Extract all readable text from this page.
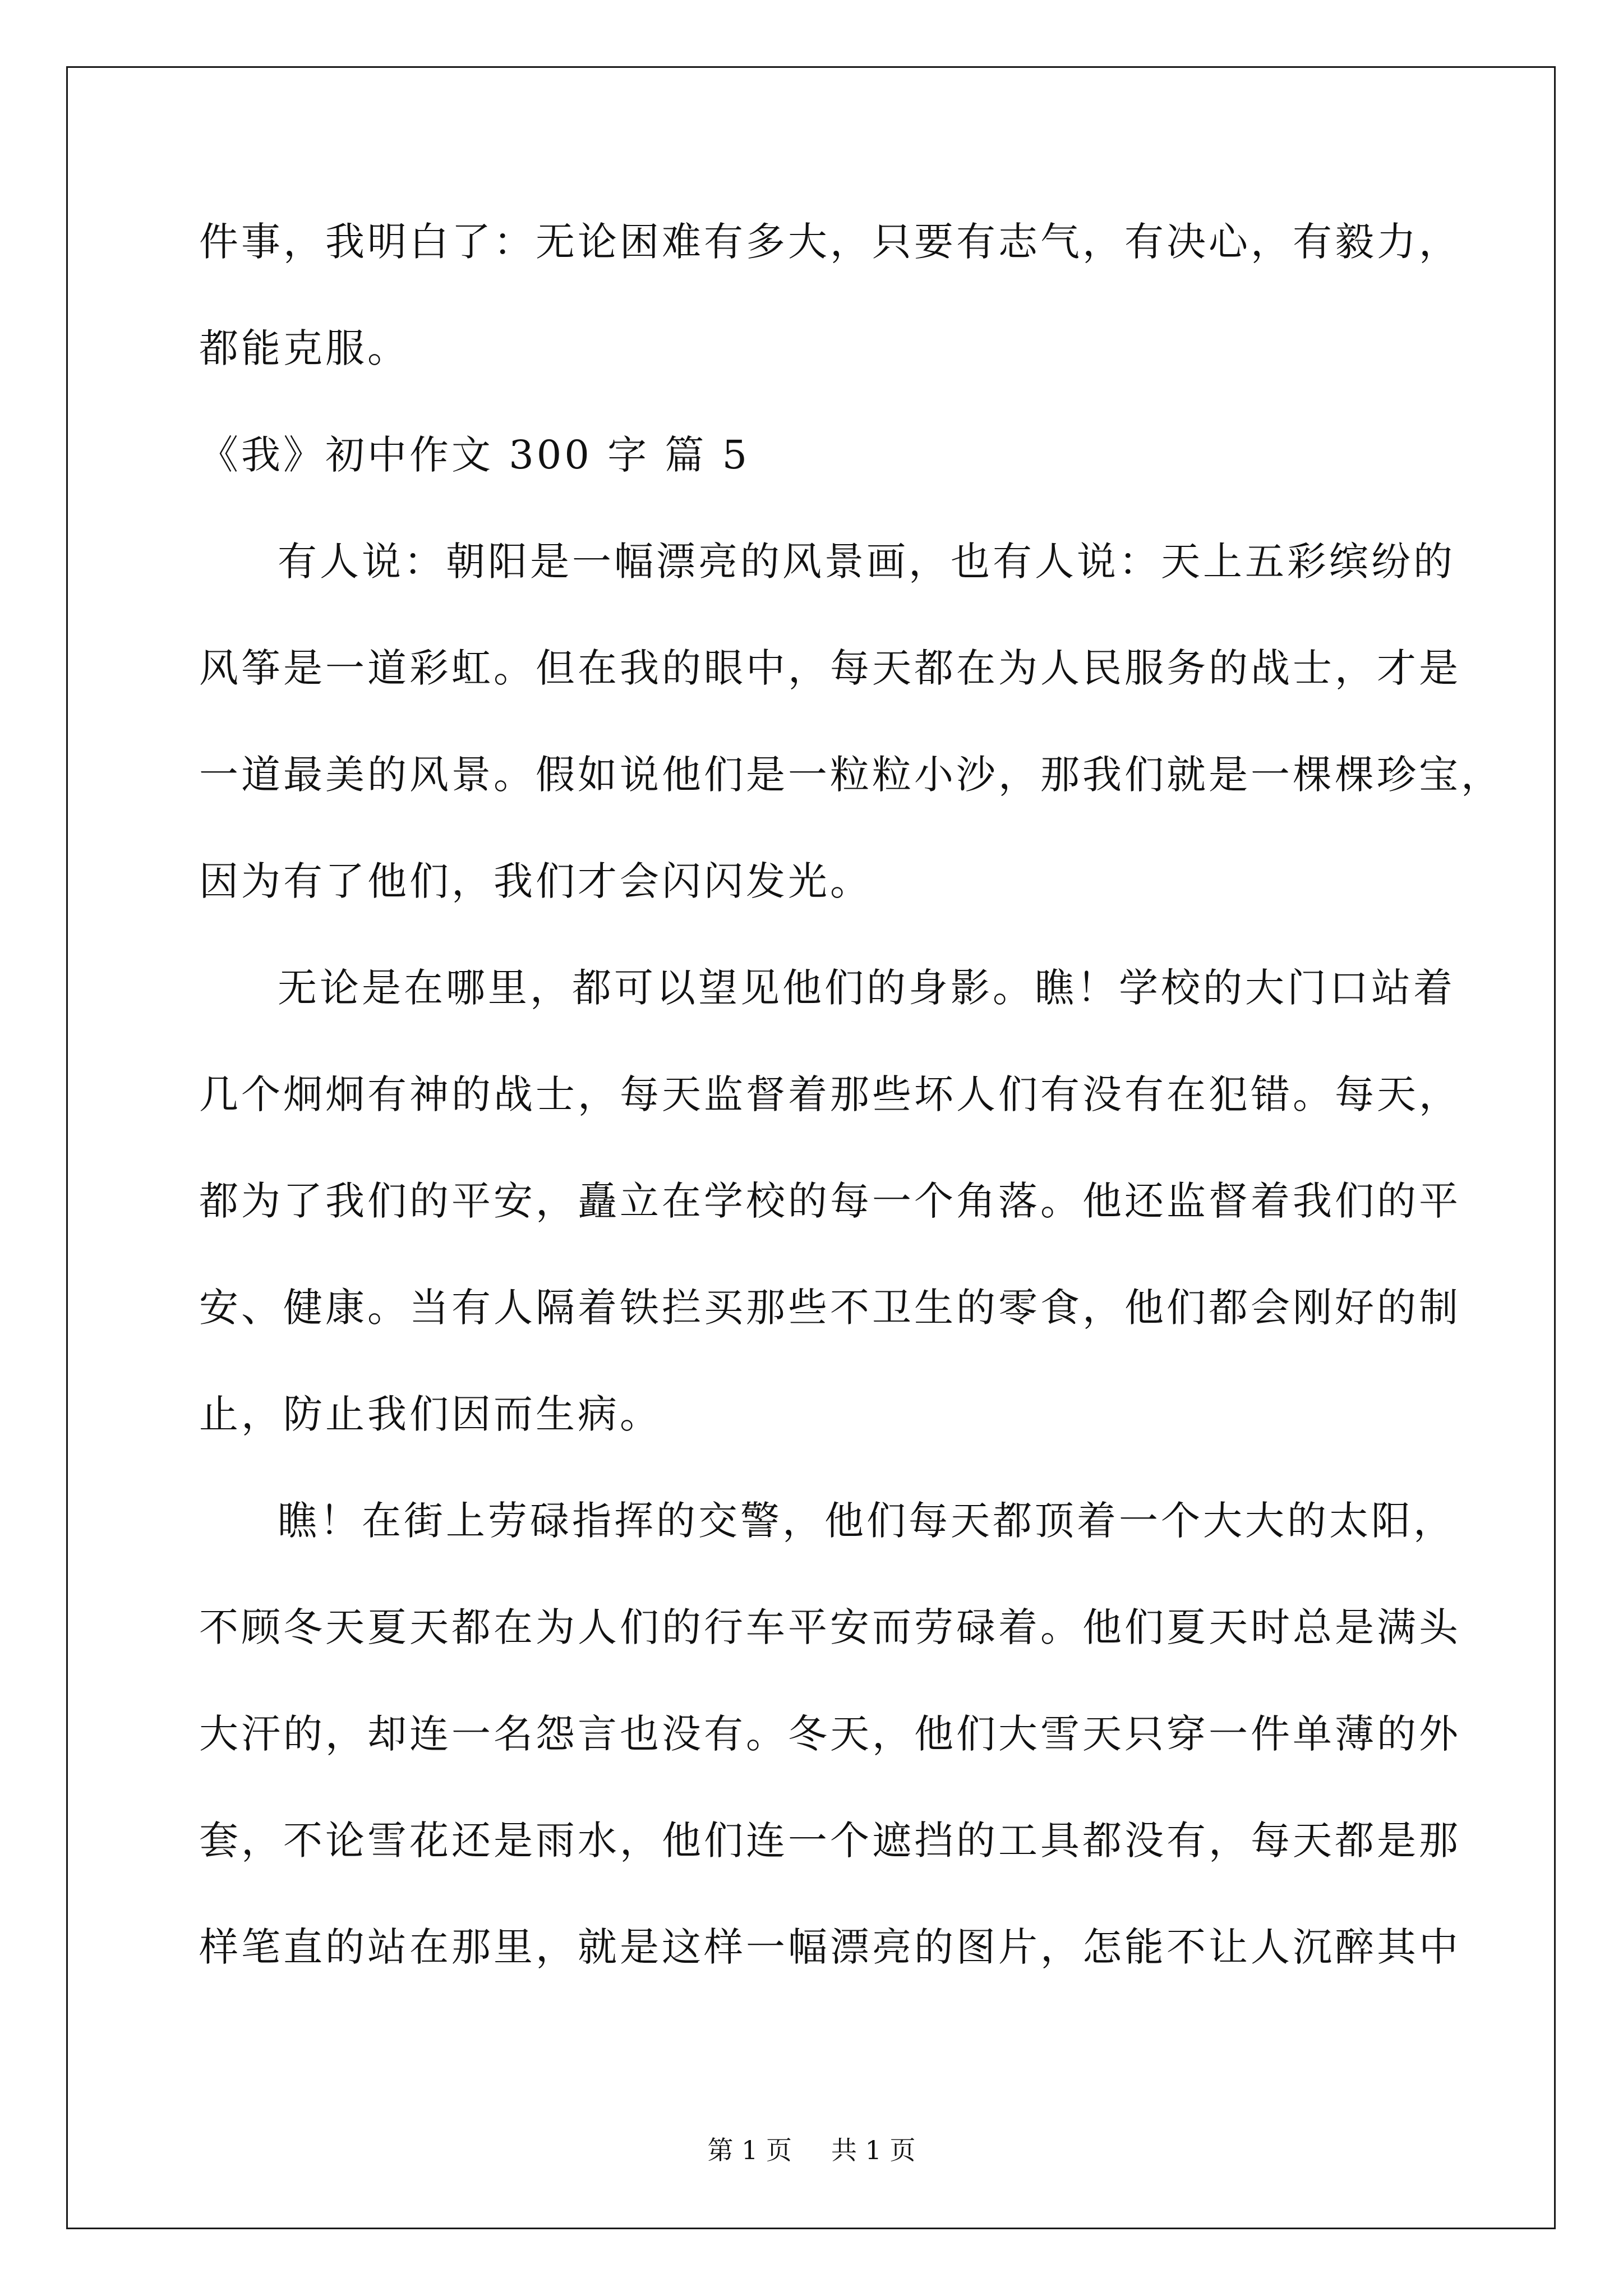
件事，我明白了：无论困难有多大，只要有志气，有决心，有毅力，
都能克服。
《我》初中作文 300 字 篇 5
有人说：朝阳是一幅漂亮的风景画，也有人说：天上五彩缤纷的
风筝是一道彩虹。但在我的眼中，每天都在为人民服务的战士，才是
一道最美的风景。假如说他们是一粒粒小沙，那我们就是一棵棵珍宝，
因为有了他们，我们才会闪闪发光。
无论是在哪里，都可以望见他们的身影。瞧！学校的大门口站着
几个炯炯有神的战士，每天监督着那些坏人们有没有在犯错。每天，
都为了我们的平安，矗立在学校的每一个角落。他还监督着我们的平
安、健康。当有人隔着铁拦买那些不卫生的零食，他们都会刚好的制
止，防止我们因而生病。
瞧！在街上劳碌指挥的交警，他们每天都顶着一个大大的太阳，
不顾冬天夏天都在为人们的行车平安而劳碌着。他们夏天时总是满头
大汗的，却连一名怨言也没有。冬天，他们大雪天只穿一件单薄的外
套，不论雪花还是雨水，他们连一个遮挡的工具都没有，每天都是那
样笔直的站在那里，就是这样一幅漂亮的图片，怎能不让人沉醉其中
第 1 页 共 1 页
